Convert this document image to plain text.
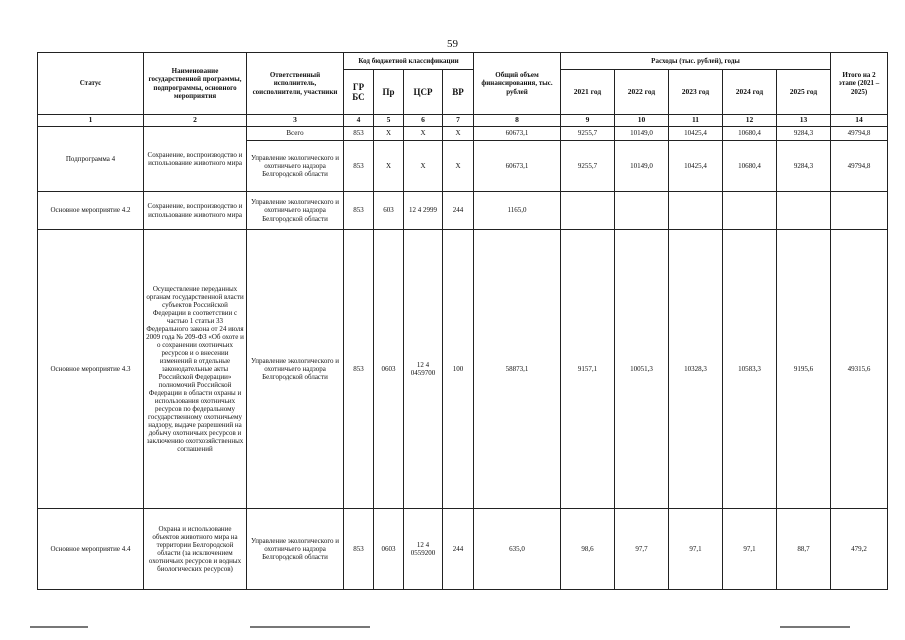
59
Статус	Наименование государственной программы, подпрограммы, основного мероприятия	Ответственный исполнитель, соисполнители, участники	Код бюджетной классификации				Общий объем финансирования, тыс. рублей	Расходы (тыс. рублей), годы					Итого на 2 этапе (2021 – 2025)
			ГР БС	Пр	ЦСР	ВР		2021 год	2022 год	2023 год	2024 год	2025 год	
1	2	3	4	5	6	7	8	9	10	11	12	13	14
Подпрограмма 4	Сохранение, воспроизводство и использование животного мира	Всего	853	Х	Х	Х	60673,1	9255,7	10149,0	10425,4	10680,4	9284,3	49794,8
		Управление экологического и охотничьего надзора Белгородской области	853	Х	Х	Х	60673,1	9255,7	10149,0	10425,4	10680,4	9284,3	49794,8
Основное мероприятие 4.2	Сохранение, воспроизводство и использование животного мира	Управление экологического и охотничьего надзора Белгородской области	853	603	12 4 2999	244	1165,0						
Основное мероприятие 4.3	Осуществление переданных органам государственной власти субъектов Российской Федерации в соответствии с частью 1 статьи 33 Федерального закона от 24 июля 2009 года № 209-ФЗ «Об охоте и о сохранении охотничьих ресурсов и о внесении изменений в отдельные законодательные акты Российской Федерации» полномочий Российской Федерации в области охраны и использования охотничьих ресурсов по федеральному государственному охотничьему надзору, выдаче разрешений на добычу охотничьих ресурсов и заключению охотхозяйственных соглашений	Управление экологического и охотничьего надзора Белгородской области	853	0603	12 4 0459700	100	58873,1	9157,1	10051,3	10328,3	10583,3	9195,6	49315,6
Основное мероприятие 4.4	Охрана и использование объектов животного мира на территории Белгородской области (за исключением охотничьих ресурсов и водных биологических ресурсов)	Управление экологического и охотничьего надзора Белгородской области	853	0603	12 4 0559200	244	635,0	98,6	97,7	97,1	97,1	88,7	479,2
